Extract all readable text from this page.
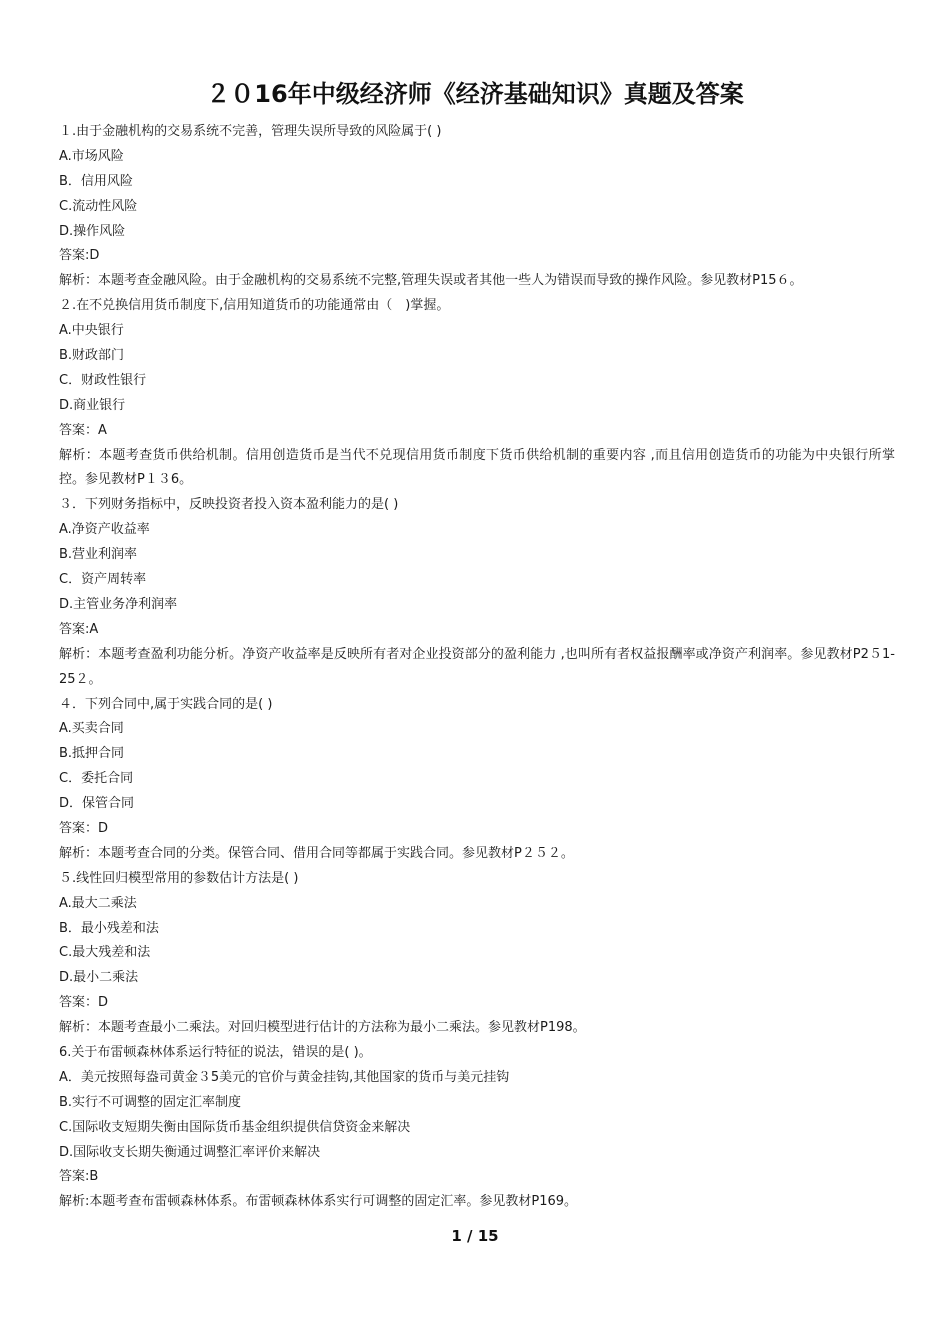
２０16年中级经济师《经济基础知识》真题及答案
１.由于金融机构的交易系统不完善，管理失误所导致的风险属于( )
A.市场风险
B．信用风险
C.流动性风险
D.操作风险
答案:D
解析：本题考查金融风险。由于金融机构的交易系统不完整,管理失误或者其他一些人为错误而导致的操作风险。参见教材P15６。
２.在不兑换信用货币制度下,信用知道货币的功能通常由（　)掌握。
A.中央银行
B.财政部门
C．财政性银行
D.商业银行
答案：A
解析：本题考查货币供给机制。信用创造货币是当代不兑现信用货币制度下货币供给机制的重要内容 ,而且信用创造货币的功能为中央银行所掌控。参见教材P１３6。
３．下列财务指标中，反映投资者投入资本盈利能力的是( )
A.净资产收益率
B.营业利润率
C．资产周转率
D.主管业务净利润率
答案:A
解析：本题考查盈利功能分析。净资产收益率是反映所有者对企业投资部分的盈利能力 ,也叫所有者权益报酬率或净资产利润率。参见教材P2５1-25２。
４．下列合同中,属于实践合同的是( )
A.买卖合同
B.抵押合同
C．委托合同
D．保管合同
答案：D
解析：本题考查合同的分类。保管合同、借用合同等都属于实践合同。参见教材P２５２。
５.线性回归模型常用的参数估计方法是( )
A.最大二乘法
B．最小残差和法
C.最大残差和法
D.最小二乘法
答案：D
解析：本题考查最小二乘法。对回归模型进行估计的方法称为最小二乘法。参见教材P198。
6.关于布雷顿森林体系运行特征的说法，错误的是( )。
A．美元按照每盎司黄金３5美元的官价与黄金挂钩,其他国家的货币与美元挂钩
B.实行不可调整的固定汇率制度
C.国际收支短期失衡由国际货币基金组织提供信贷资金来解决
D.国际收支长期失衡通过调整汇率评价来解决
答案:B
解析:本题考查布雷顿森林体系。布雷顿森林体系实行可调整的固定汇率。参见教材P169。
1 / 15
